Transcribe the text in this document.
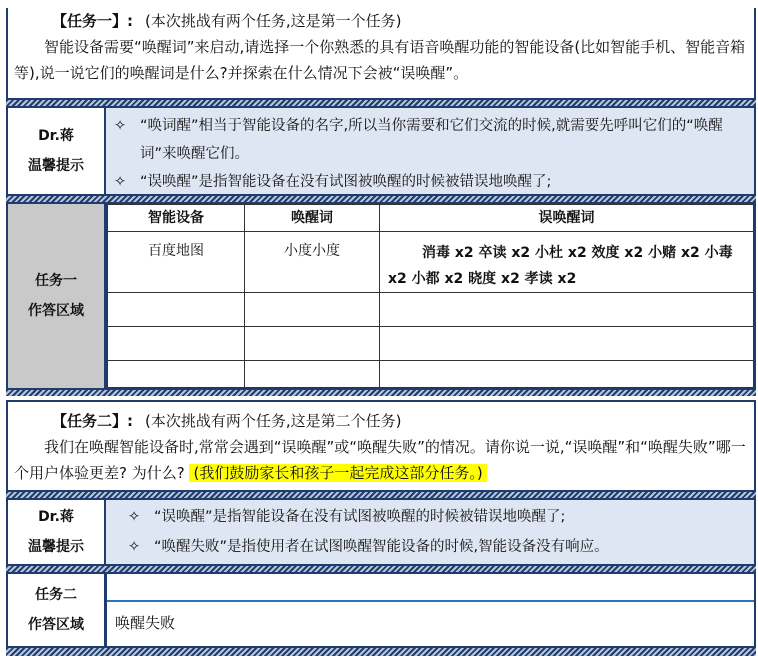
【任务一】: (本次挑战有两个任务,这是第一个任务)
智能设备需要“唤醒词”来启动,请选择一个你熟悉的具有语音唤醒功能的智能设备(比如智能手机、智能音箱等),说一说它们的唤醒词是什么?并探索在什么情况下会被“误唤醒”。
Dr.蒋
温馨提示
✧ “唤词醒”相当于智能设备的名字,所以当你需要和它们交流的时候,就需要先呼叫它们的“唤醒词”来唤醒它们。
✧ “误唤醒”是指智能设备在没有试图被唤醒的时候被错误地唤醒了;
任务一
作答区域
智能设备	唤醒词	误唤醒词
百度地图	小度小度	消毒 x2 卒读 x2 小杜 x2 效度 x2 小赌 x2 小毒 x2 小都 x2 晓度 x2 孝读 x2

【任务二】: (本次挑战有两个任务,这是第二个任务)
我们在唤醒智能设备时,常常会遇到“误唤醒”或“唤醒失败”的情况。请你说一说,“误唤醒”和“唤醒失败”哪一个用户体验更差? 为什么? (我们鼓励家长和孩子一起完成这部分任务。)
Dr.蒋
温馨提示
✧ “误唤醒”是指智能设备在没有试图被唤醒的时候被错误地唤醒了;
✧ “唤醒失败”是指使用者在试图唤醒智能设备的时候,智能设备没有响应。
任务二
作答区域 唤醒失败
